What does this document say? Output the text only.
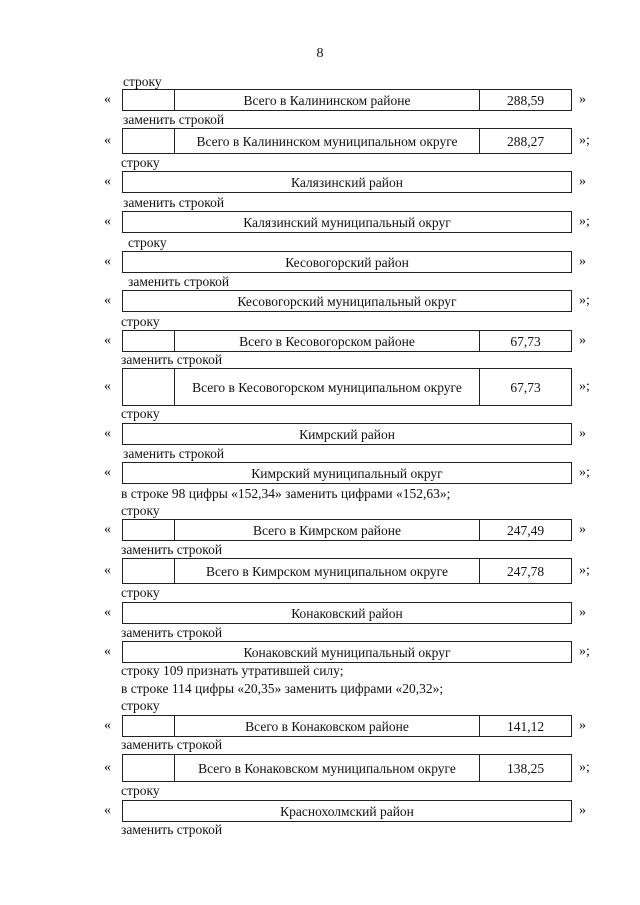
8
строку
«	Всего в Калининском районе	288,59	»
заменить строкой
«	Всего в Калининском муниципальном округе	288,27	»;
строку
«	Калязинский район	»
заменить строкой
«	Калязинский муниципальный округ	»;
строку
«	Кесовогорский район	»
заменить строкой
«	Кесовогорский муниципальный округ	»;
строку
«	Всего в Кесовогорском районе	67,73	»
заменить строкой
«	Всего в Кесовогорском муниципальном округе	67,73	»;
строку
«	Кимрский район	»
заменить строкой
«	Кимрский муниципальный округ	»;
в строке 98 цифры «152,34» заменить цифрами «152,63»;
строку
«	Всего в Кимрском районе	247,49	»
заменить строкой
«	Всего в Кимрском муниципальном округе	247,78	»;
строку
«	Конаковский район	»
заменить строкой
«	Конаковский муниципальный округ	»;
строку 109 признать утратившей силу;
в строке 114 цифры «20,35» заменить цифрами «20,32»;
строку
«	Всего в Конаковском районе	141,12	»
заменить строкой
«	Всего в Конаковском муниципальном округе	138,25	»;
строку
«	Краснохолмский район	»
заменить строкой
